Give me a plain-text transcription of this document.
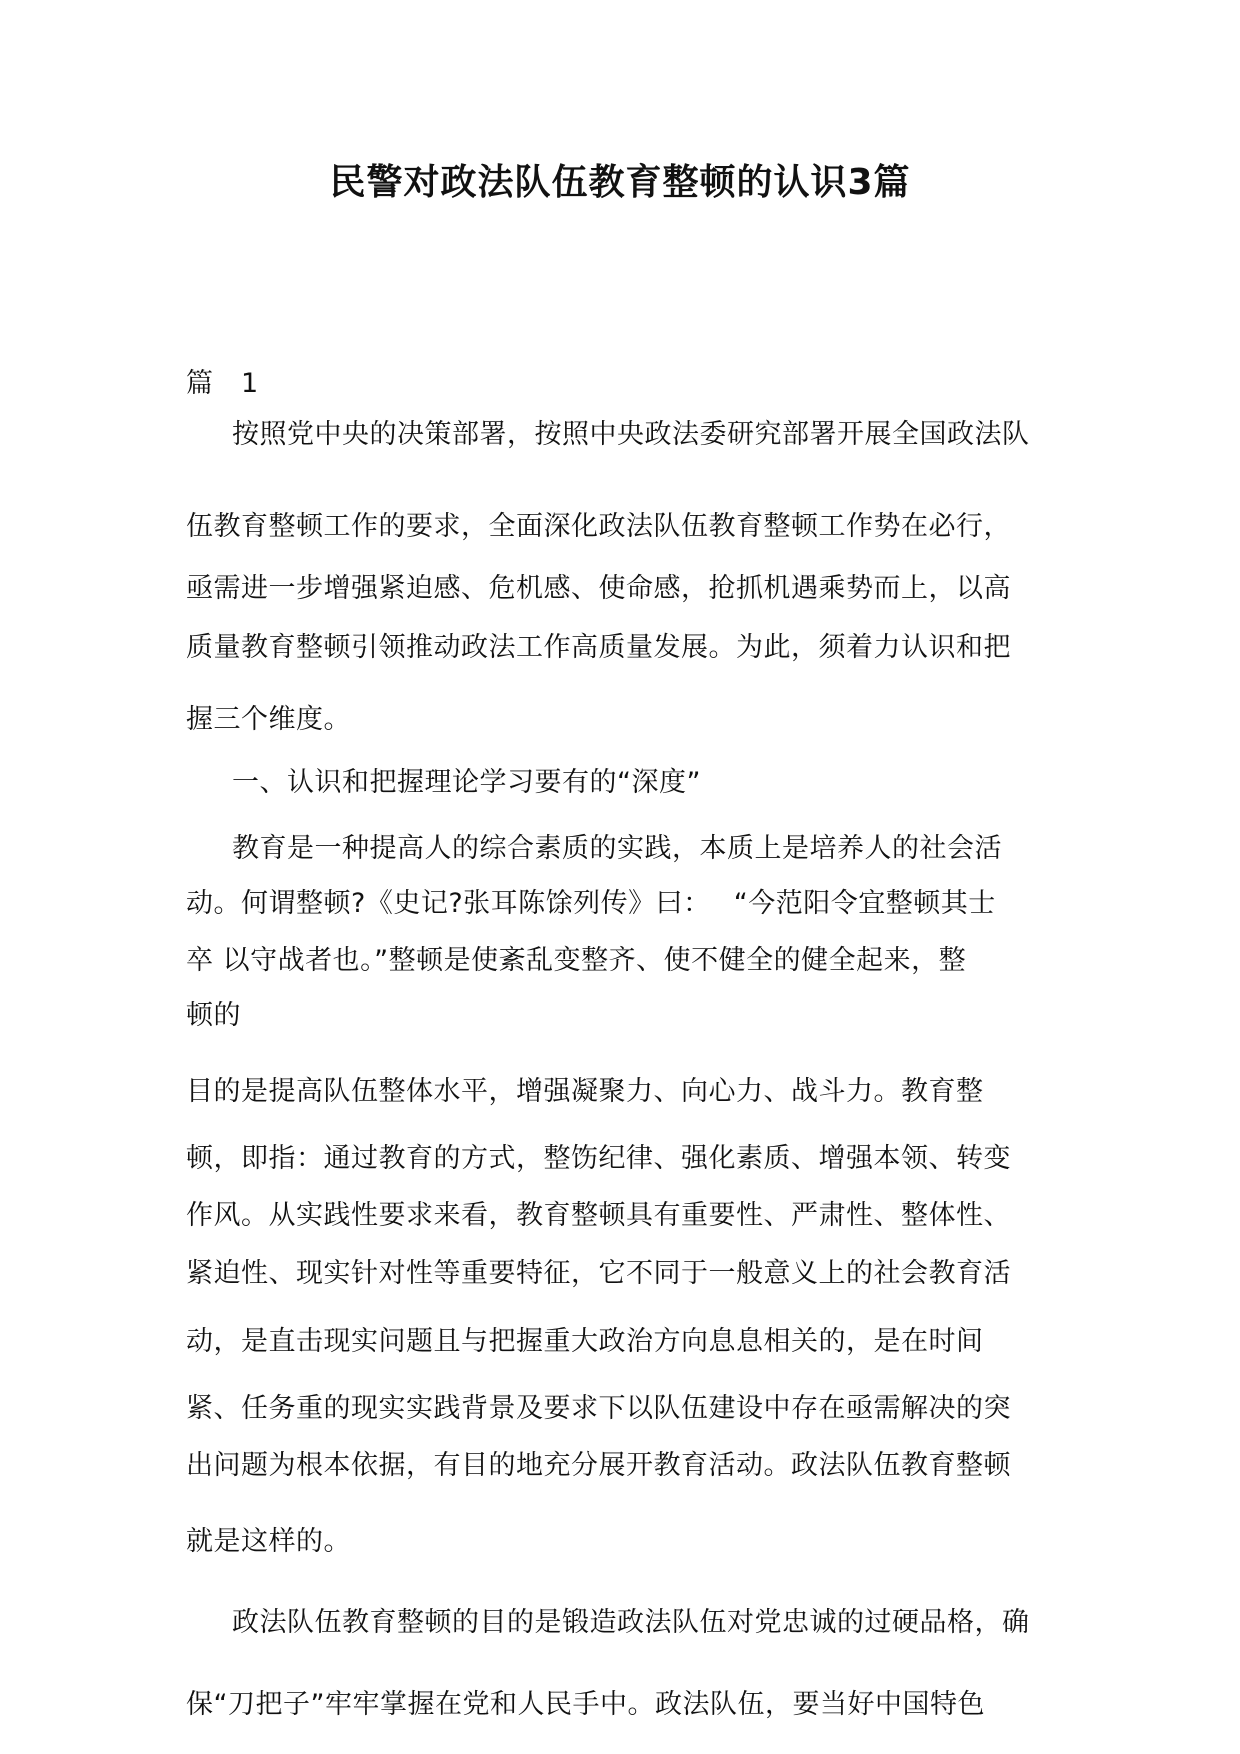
民警对政法队伍教育整顿的认识3篇
篇　1
按照党中央的决策部署，按照中央政法委研究部署开展全国政法队
伍教育整顿工作的要求，全面深化政法队伍教育整顿工作势在必行，
亟需进一步增强紧迫感、危机感、使命感，抢抓机遇乘势而上，以高
质量教育整顿引领推动政法工作高质量发展。为此，须着力认识和把
握三个维度。
一、认识和把握理论学习要有的“深度”
教育是一种提高人的综合素质的实践，本质上是培养人的社会活
动。何谓整顿?《史记?张耳陈馀列传》曰：　 “今范阳令宜整顿其士
卒 以守战者也。”整顿是使紊乱变整齐、使不健全的健全起来，整
顿的
目的是提高队伍整体水平，增强凝聚力、向心力、战斗力。教育整
顿，即指：通过教育的方式，整饬纪律、强化素质、增强本领、转变
作风。从实践性要求来看，教育整顿具有重要性、严肃性、整体性、
紧迫性、现实针对性等重要特征，它不同于一般意义上的社会教育活
动，是直击现实问题且与把握重大政治方向息息相关的，是在时间
紧、任务重的现实实践背景及要求下以队伍建设中存在亟需解决的突
出问题为根本依据，有目的地充分展开教育活动。政法队伍教育整顿
就是这样的。
政法队伍教育整顿的目的是锻造政法队伍对党忠诚的过硬品格，确
保“刀把子”牢牢掌握在党和人民手中。政法队伍，要当好中国特色
